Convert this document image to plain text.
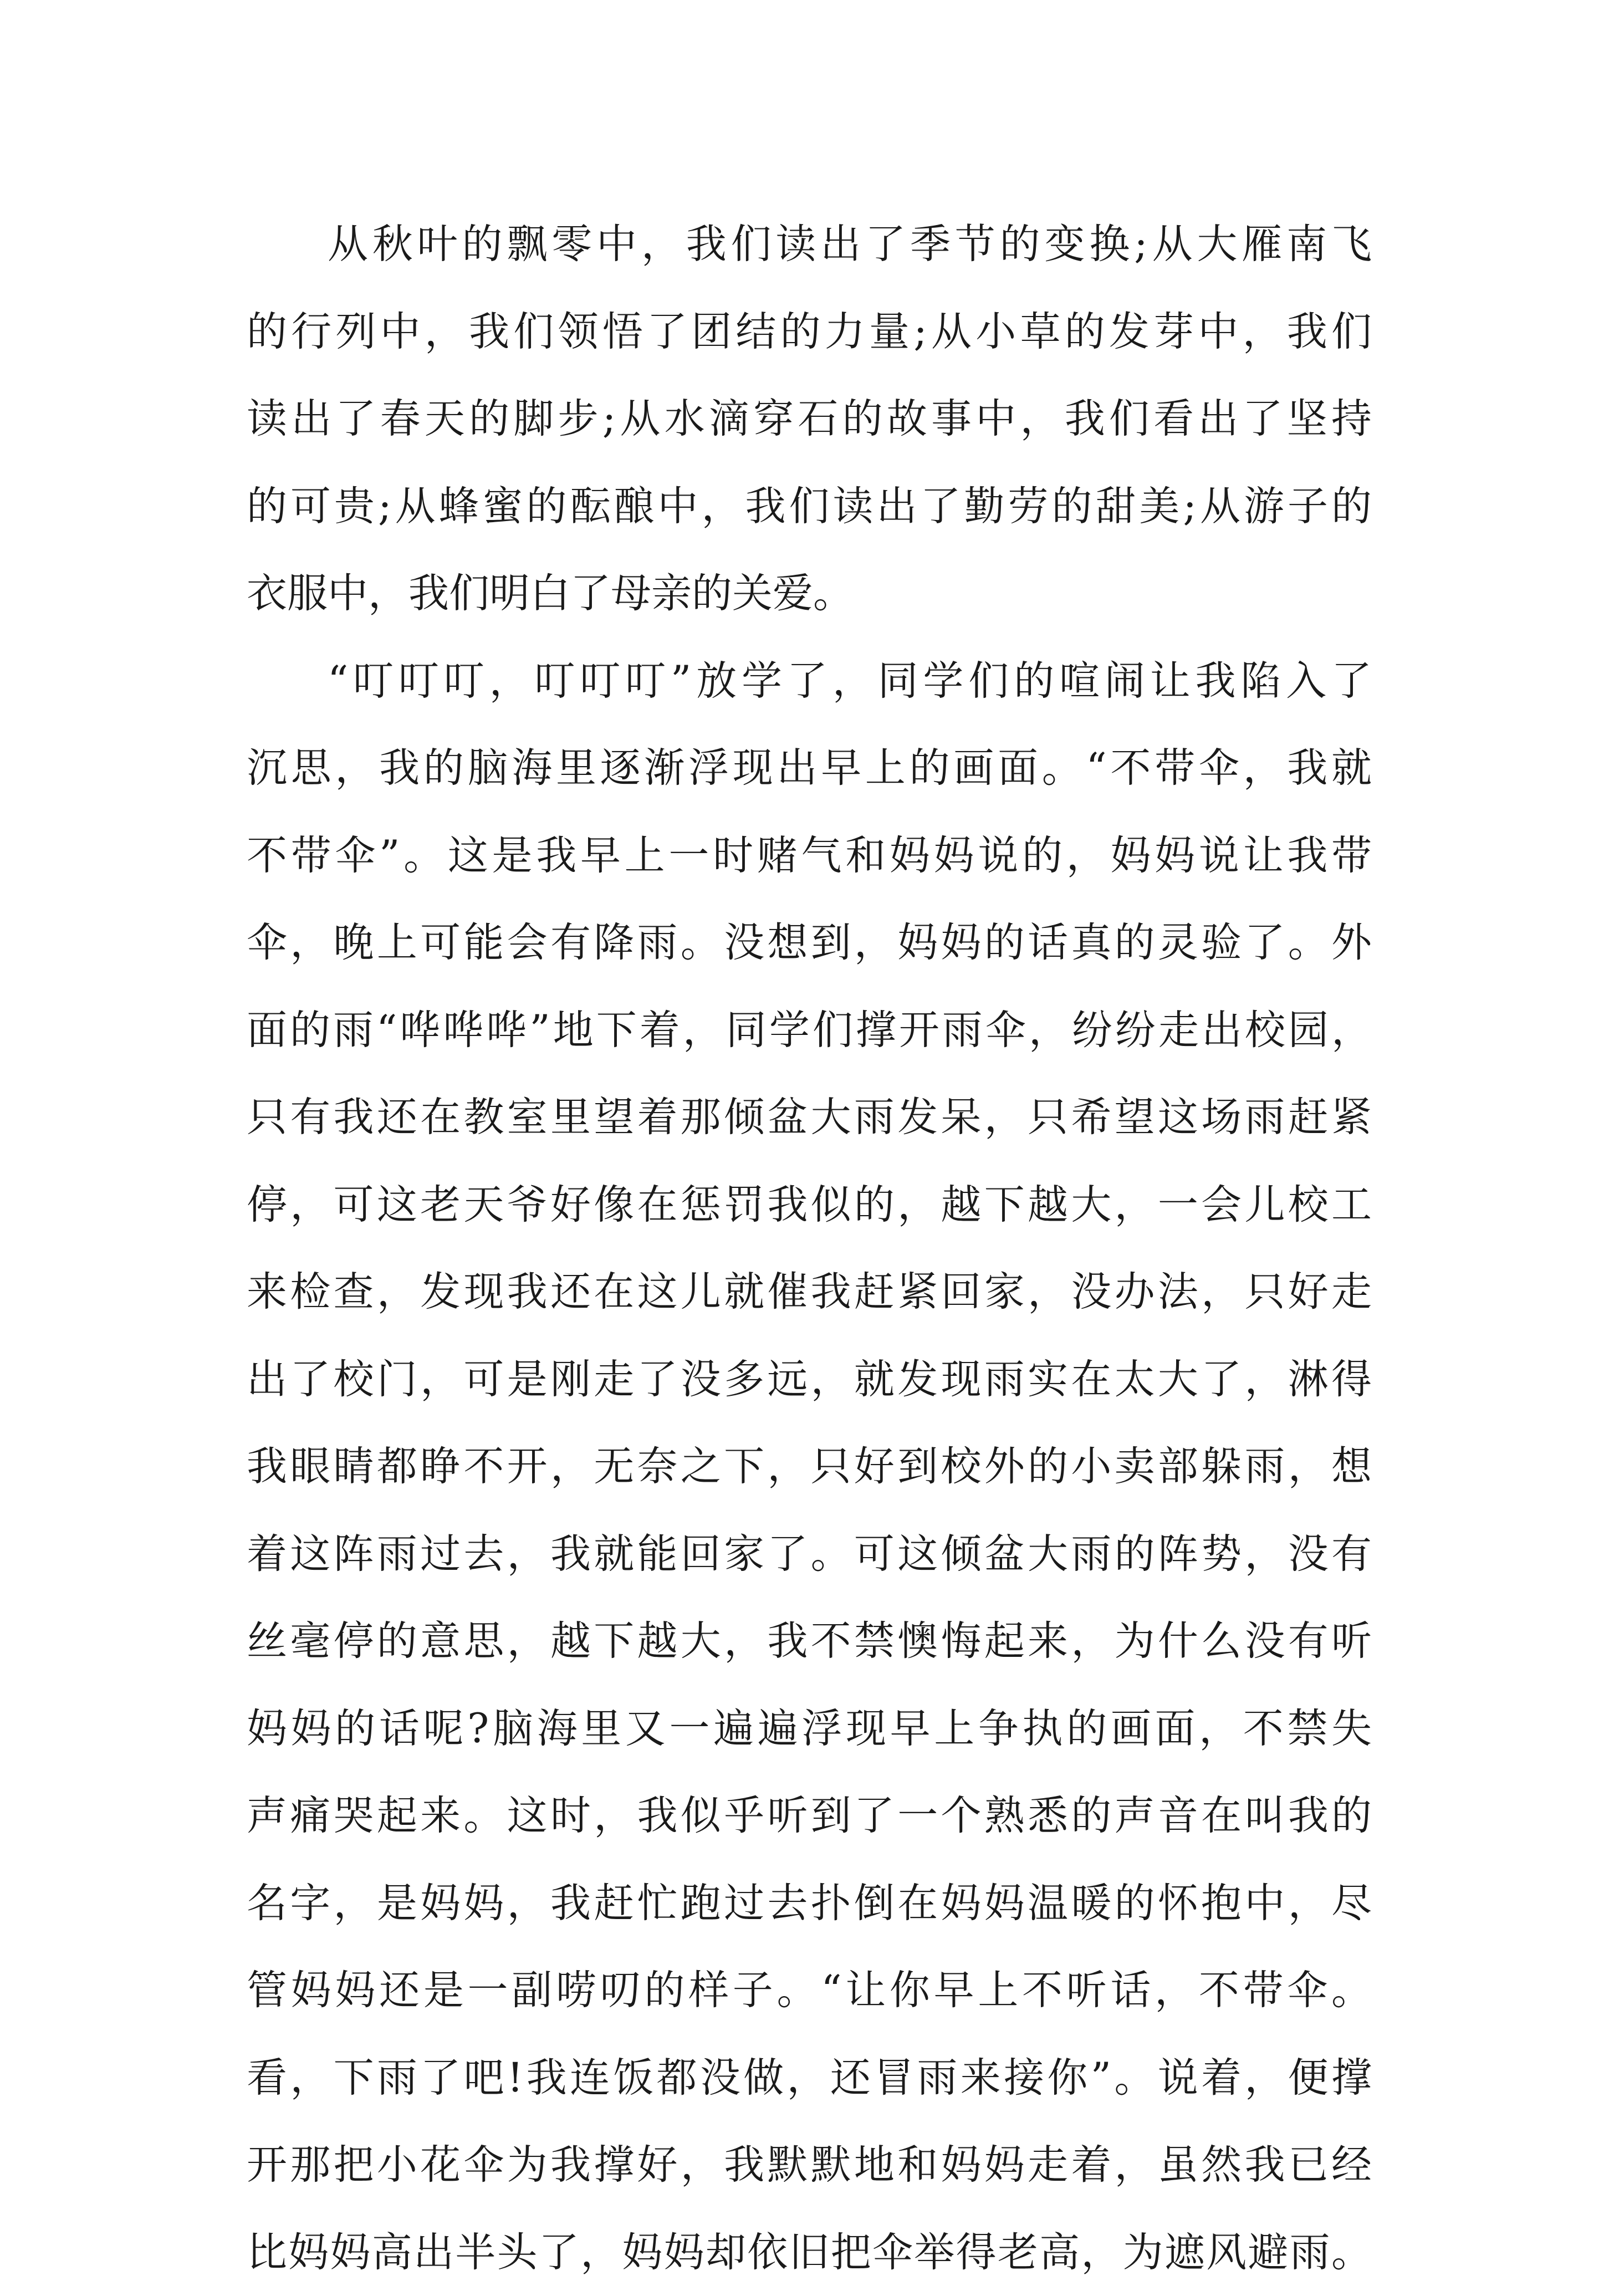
从秋叶的飘零中，我们读出了季节的变换;从大雁南飞
的行列中，我们领悟了团结的力量;从小草的发芽中，我们
读出了春天的脚步;从水滴穿石的故事中，我们看出了坚持
的可贵;从蜂蜜的酝酿中，我们读出了勤劳的甜美;从游子的
衣服中，我们明白了母亲的关爱。
“叮叮叮，叮叮叮”放学了，同学们的喧闹让我陷入了
沉思，我的脑海里逐渐浮现出早上的画面。“不带伞，我就
不带伞”。这是我早上一时赌气和妈妈说的，妈妈说让我带
伞，晚上可能会有降雨。没想到，妈妈的话真的灵验了。外
面的雨“哗哗哗”地下着，同学们撑开雨伞，纷纷走出校园，
只有我还在教室里望着那倾盆大雨发呆，只希望这场雨赶紧
停，可这老天爷好像在惩罚我似的，越下越大，一会儿校工
来检查，发现我还在这儿就催我赶紧回家，没办法，只好走
出了校门，可是刚走了没多远，就发现雨实在太大了，淋得
我眼睛都睁不开，无奈之下，只好到校外的小卖部躲雨，想
着这阵雨过去，我就能回家了。可这倾盆大雨的阵势，没有
丝毫停的意思，越下越大，我不禁懊悔起来，为什么没有听
妈妈的话呢?脑海里又一遍遍浮现早上争执的画面，不禁失
声痛哭起来。这时，我似乎听到了一个熟悉的声音在叫我的
名字，是妈妈，我赶忙跑过去扑倒在妈妈温暖的怀抱中，尽
管妈妈还是一副唠叨的样子。“让你早上不听话，不带伞。
看，下雨了吧!我连饭都没做，还冒雨来接你”。说着，便撑
开那把小花伞为我撑好，我默默地和妈妈走着，虽然我已经
比妈妈高出半头了，妈妈却依旧把伞举得老高，为遮风避雨。
